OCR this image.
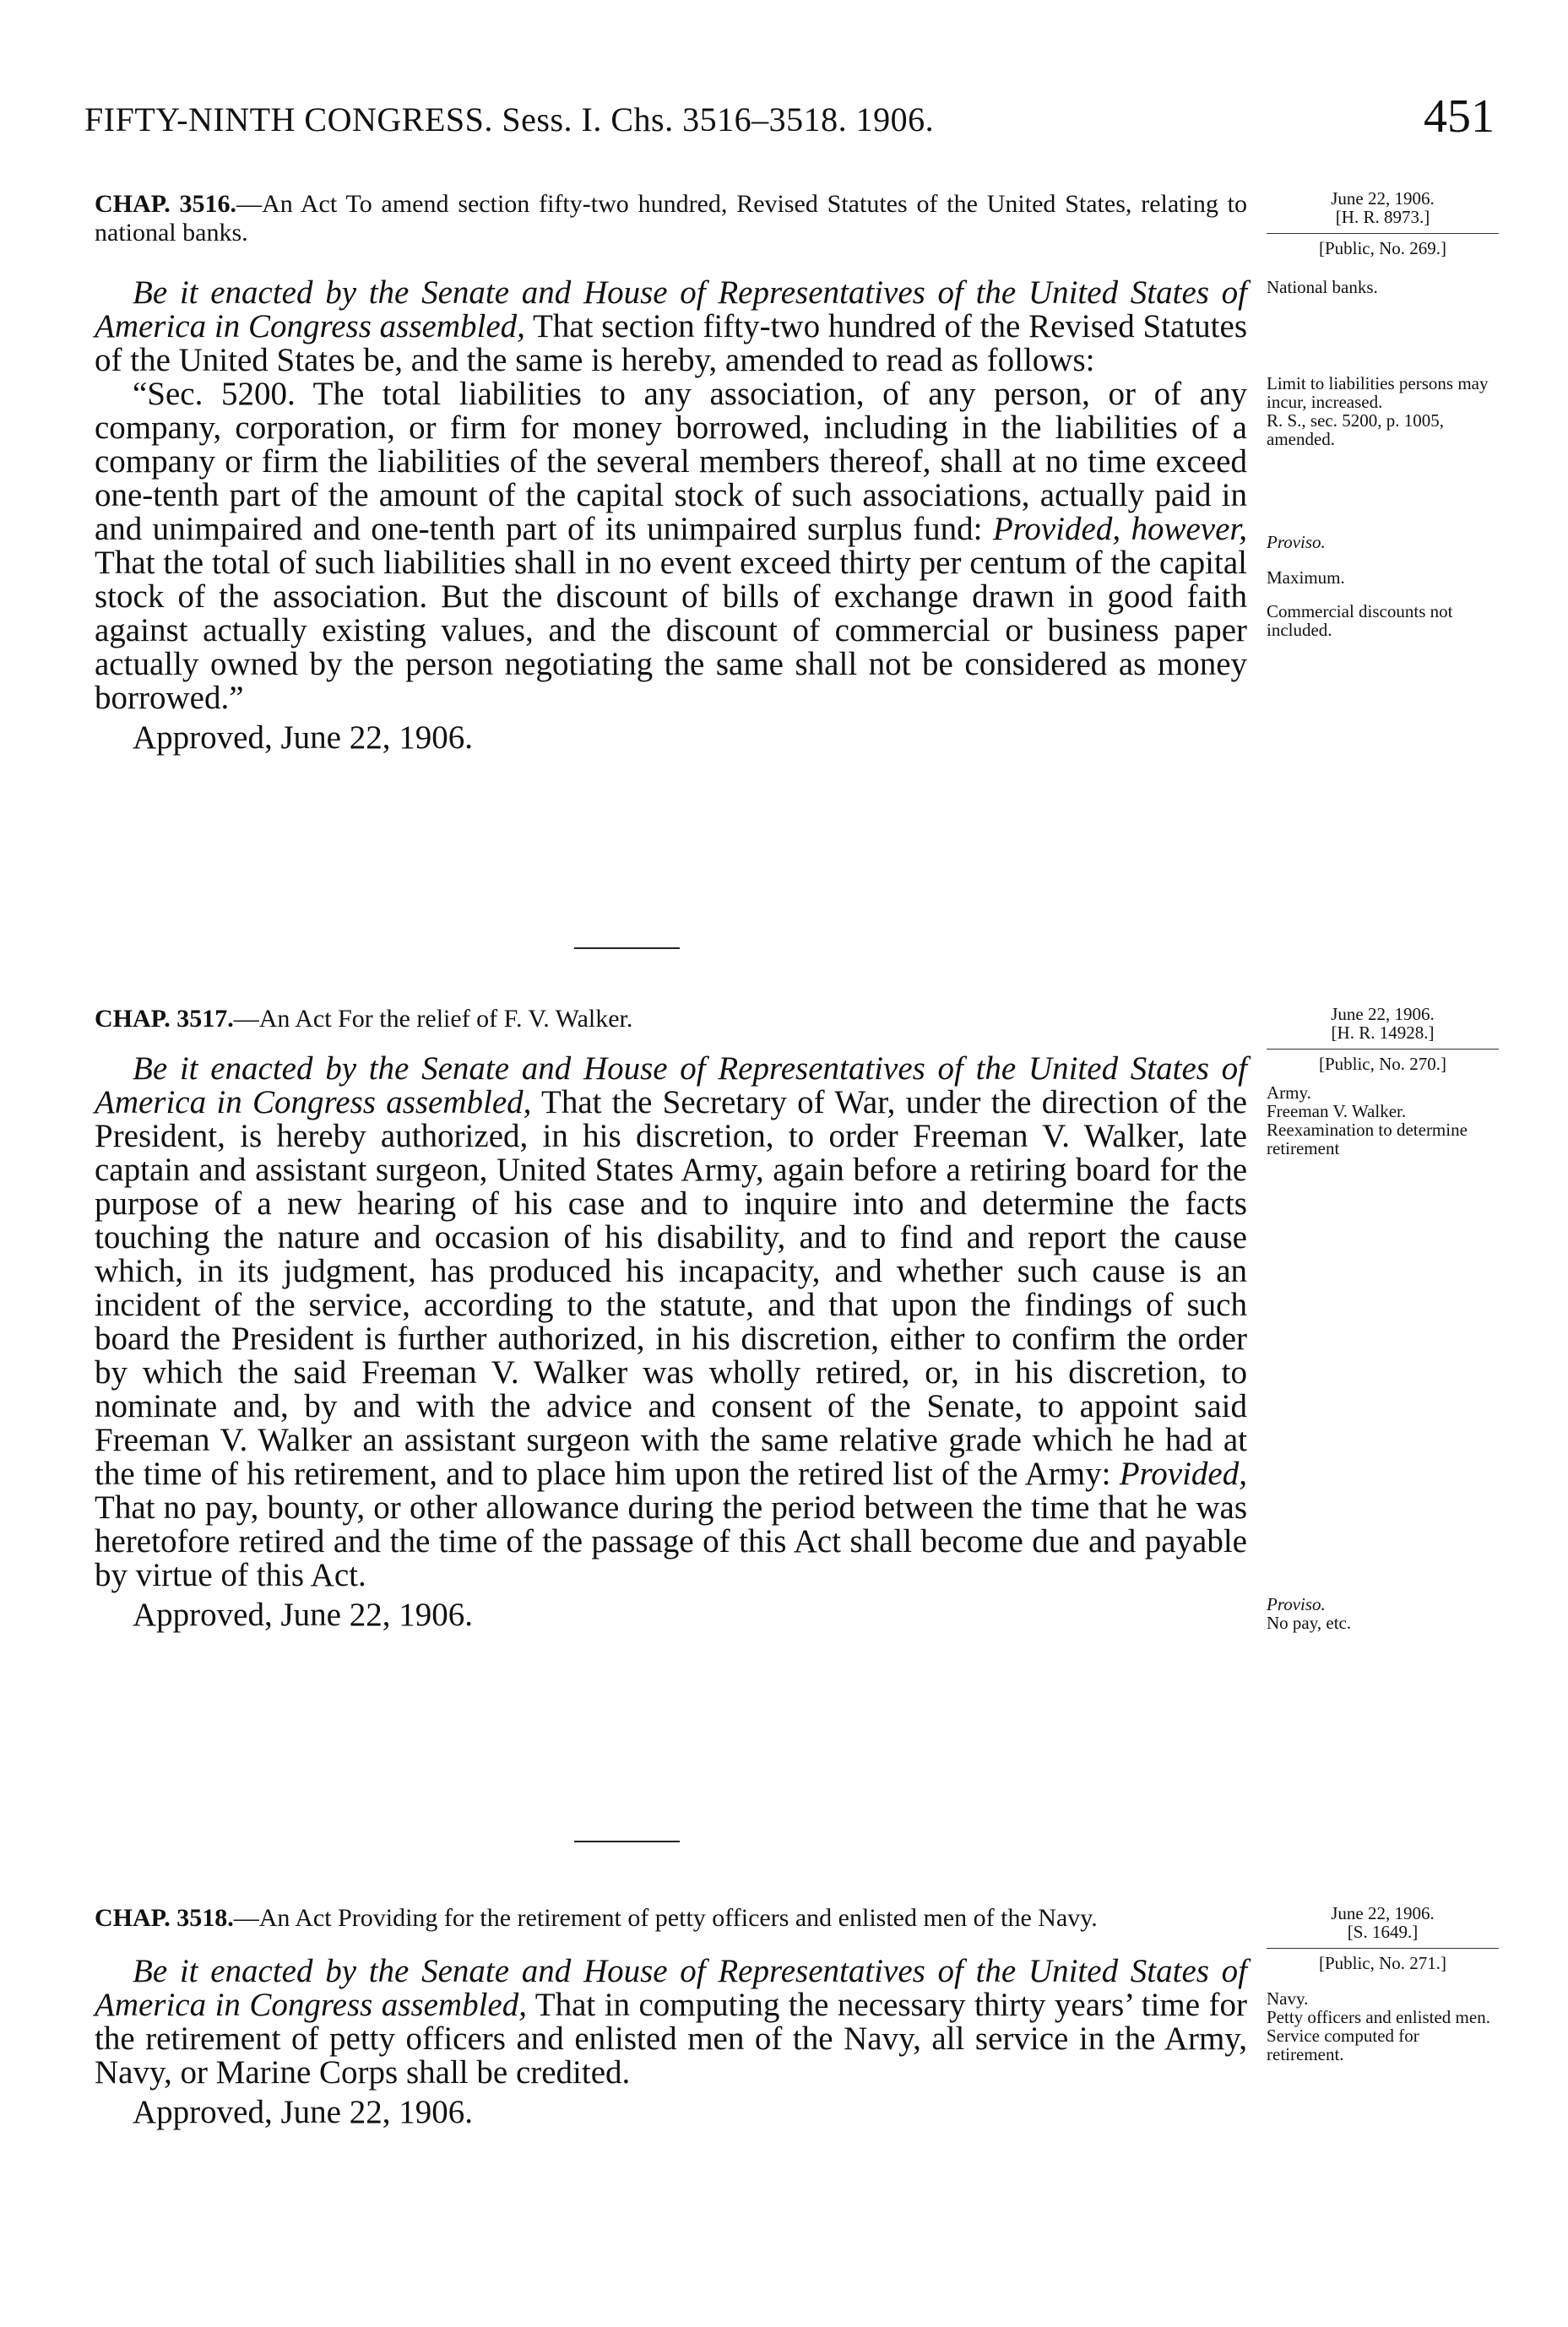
FIFTY-NINTH CONGRESS. Sess. I. Chs. 3516–3518. 1906.	451

CHAP. 3516.—An Act To amend section fifty-two hundred, Revised Statutes of the United States, relating to national banks.

Be it enacted by the Senate and House of Representatives of the United States of America in Congress assembled, That section fifty-two hundred of the Revised Statutes of the United States be, and the same is hereby, amended to read as follows:

“Sec. 5200. The total liabilities to any association, of any person, or of any company, corporation, or firm for money borrowed, including in the liabilities of a company or firm the liabilities of the several members thereof, shall at no time exceed one-tenth part of the amount of the capital stock of such associations, actually paid in and unimpaired and one-tenth part of its unimpaired surplus fund: Provided, however, That the total of such liabilities shall in no event exceed thirty per centum of the capital stock of the association. But the discount of bills of exchange drawn in good faith against actually existing values, and the discount of commercial or business paper actually owned by the person negotiating the same shall not be considered as money borrowed.”

Approved, June 22, 1906.

June 22, 1906.
[H. R. 8973.]
[Public, No. 269.]

National banks.

Limit to liabilities persons may incur, increased.

R. S., sec. 5200, p. 1005, amended.

Proviso.

Maximum.

Commercial discounts not included.

CHAP. 3517.—An Act For the relief of F. V. Walker.

Be it enacted by the Senate and House of Representatives of the United States of America in Congress assembled, That the Secretary of War, under the direction of the President, is hereby authorized, in his discretion, to order Freeman V. Walker, late captain and assistant surgeon, United States Army, again before a retiring board for the purpose of a new hearing of his case and to inquire into and determine the facts touching the nature and occasion of his disability, and to find and report the cause which, in its judgment, has produced his incapacity, and whether such cause is an incident of the service, according to the statute, and that upon the findings of such board the President is further authorized, in his discretion, either to confirm the order by which the said Freeman V. Walker was wholly retired, or, in his discretion, to nominate and, by and with the advice and consent of the Senate, to appoint said Freeman V. Walker an assistant surgeon with the same relative grade which he had at the time of his retirement, and to place him upon the retired list of the Army: Provided, That no pay, bounty, or other allowance during the period between the time that he was heretofore retired and the time of the passage of this Act shall become due and payable by virtue of this Act.

Approved, June 22, 1906.

June 22, 1906.
[H. R. 14928.]
[Public, No. 270.]

Army.

Freeman V. Walker.

Reexamination to determine retirement

Proviso.

No pay, etc.

CHAP. 3518.—An Act Providing for the retirement of petty officers and enlisted men of the Navy.

Be it enacted by the Senate and House of Representatives of the United States of America in Congress assembled, That in computing the necessary thirty years’ time for the retirement of petty officers and enlisted men of the Navy, all service in the Army, Navy, or Marine Corps shall be credited.

Approved, June 22, 1906.

June 22, 1906.
[S. 1649.]
[Public, No. 271.]

Navy.

Petty officers and enlisted men.

Service computed for retirement.
